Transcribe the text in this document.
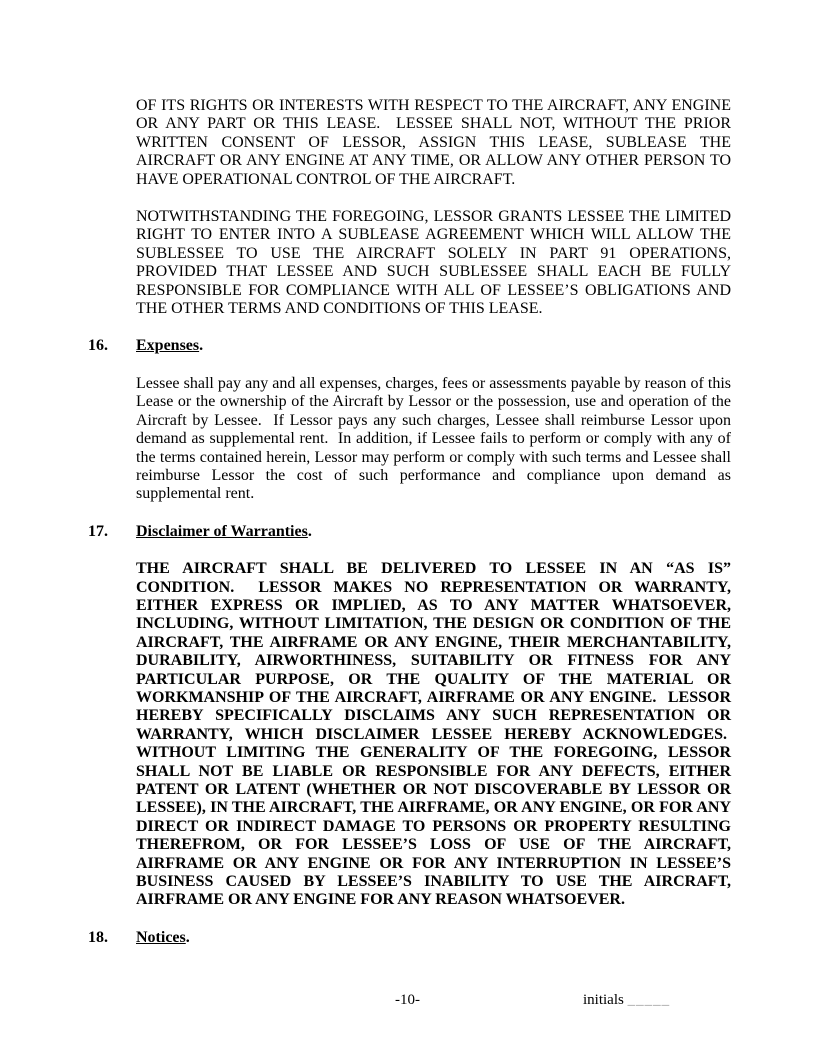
OF ITS RIGHTS OR INTERESTS WITH RESPECT TO THE AIRCRAFT, ANY ENGINE OR ANY PART OR THIS LEASE.  LESSEE SHALL NOT, WITHOUT THE PRIOR WRITTEN CONSENT OF LESSOR, ASSIGN THIS LEASE, SUBLEASE THE AIRCRAFT OR ANY ENGINE AT ANY TIME, OR ALLOW ANY OTHER PERSON TO HAVE OPERATIONAL CONTROL OF THE AIRCRAFT.

NOTWITHSTANDING THE FOREGOING, LESSOR GRANTS LESSEE THE LIMITED RIGHT TO ENTER INTO A SUBLEASE AGREEMENT WHICH WILL ALLOW THE SUBLESSEE TO USE THE AIRCRAFT SOLELY IN PART 91 OPERATIONS, PROVIDED THAT LESSEE AND SUCH SUBLESSEE SHALL EACH BE FULLY RESPONSIBLE FOR COMPLIANCE WITH ALL OF LESSEE’S OBLIGATIONS AND THE OTHER TERMS AND CONDITIONS OF THIS LEASE.

16. Expenses.

Lessee shall pay any and all expenses, charges, fees or assessments payable by reason of this Lease or the ownership of the Aircraft by Lessor or the possession, use and operation of the Aircraft by Lessee.  If Lessor pays any such charges, Lessee shall reimburse Lessor upon demand as supplemental rent.  In addition, if Lessee fails to perform or comply with any of the terms contained herein, Lessor may perform or comply with such terms and Lessee shall reimburse Lessor the cost of such performance and compliance upon demand as supplemental rent.

17. Disclaimer of Warranties.

THE AIRCRAFT SHALL BE DELIVERED TO LESSEE IN AN “AS IS” CONDITION.  LESSOR MAKES NO REPRESENTATION OR WARRANTY, EITHER EXPRESS OR IMPLIED, AS TO ANY MATTER WHATSOEVER, INCLUDING, WITHOUT LIMITATION, THE DESIGN OR CONDITION OF THE AIRCRAFT, THE AIRFRAME OR ANY ENGINE, THEIR MERCHANTABILITY, DURABILITY, AIRWORTHINESS, SUITABILITY OR FITNESS FOR ANY PARTICULAR PURPOSE, OR THE QUALITY OF THE MATERIAL OR WORKMANSHIP OF THE AIRCRAFT, AIRFRAME OR ANY ENGINE.  LESSOR HEREBY SPECIFICALLY DISCLAIMS ANY SUCH REPRESENTATION OR WARRANTY, WHICH DISCLAIMER LESSEE HEREBY ACKNOWLEDGES.  WITHOUT LIMITING THE GENERALITY OF THE FOREGOING, LESSOR SHALL NOT BE LIABLE OR RESPONSIBLE FOR ANY DEFECTS, EITHER PATENT OR LATENT (WHETHER OR NOT DISCOVERABLE BY LESSOR OR LESSEE), IN THE AIRCRAFT, THE AIRFRAME, OR ANY ENGINE, OR FOR ANY DIRECT OR INDIRECT DAMAGE TO PERSONS OR PROPERTY RESULTING THEREFROM, OR FOR LESSEE’S LOSS OF USE OF THE AIRCRAFT, AIRFRAME OR ANY ENGINE OR FOR ANY INTERRUPTION IN LESSEE’S BUSINESS CAUSED BY LESSEE’S INABILITY TO USE THE AIRCRAFT, AIRFRAME OR ANY ENGINE FOR ANY REASON WHATSOEVER.

18. Notices.
-10-	initials _____
